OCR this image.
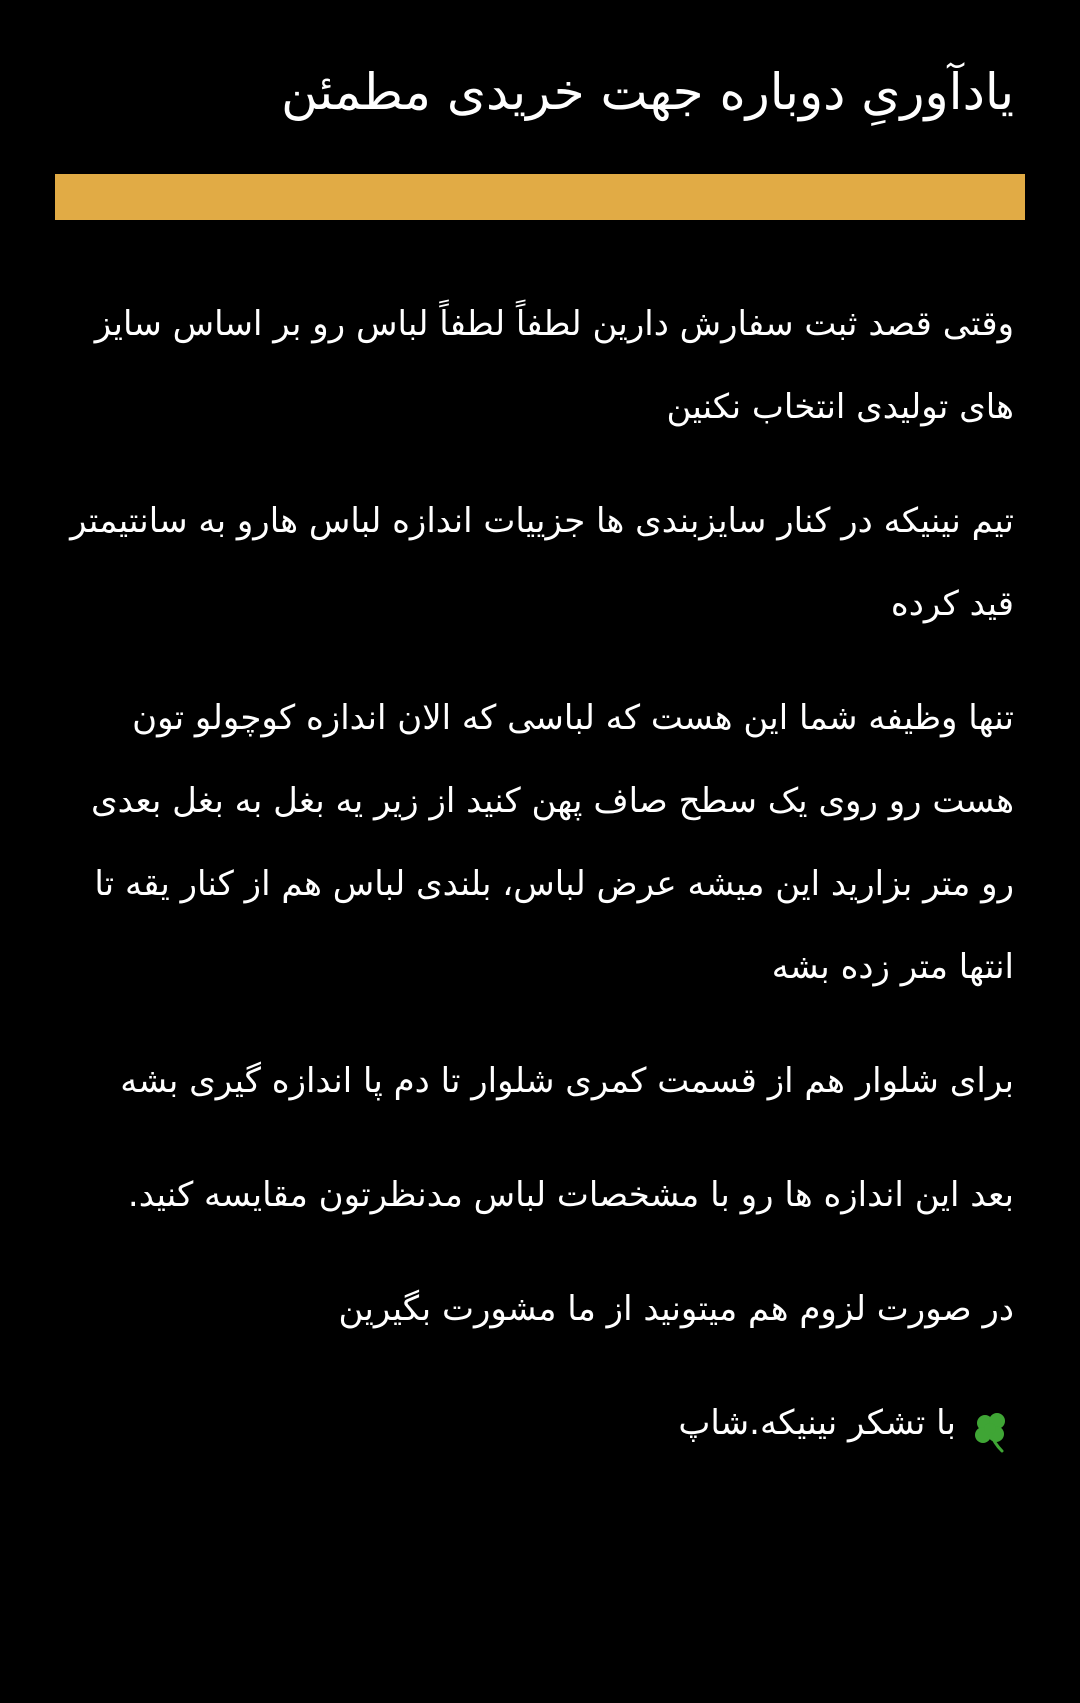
یادآوریِ دوباره جهت خریدی مطمئن

وقتی قصد ثبت سفارش دارین لطفاً لطفاً لباس رو بر اساس سایز های تولیدی انتخاب نکنین

تیم نینیکه در کنار سایزبندی ها جزییات اندازه لباس هارو به سانتیمتر قید کرده

تنها وظیفه شما این هست که لباسی که الان اندازه کوچولو تون هست رو روی یک سطح صاف پهن کنید از زیر یه بغل به بغل بعدی رو متر بزارید این میشه عرض لباس، بلندی لباس هم از کنار یقه تا انتها متر زده بشه

برای شلوار هم از قسمت کمری شلوار تا دم پا اندازه گیری بشه

بعد این اندازه ها رو با مشخصات لباس مدنظرتون مقایسه کنید.

در صورت لزوم هم میتونید از ما مشورت بگیرین

با تشکر نینیکه.شاپ
